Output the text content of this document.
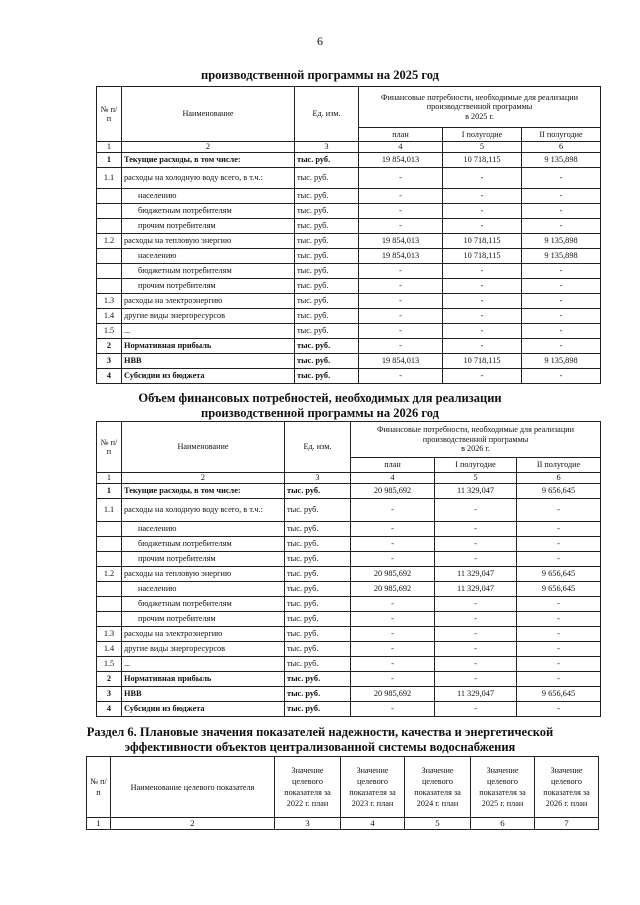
6
производственной программы на 2025 год
№ п/п	Наименование	Ед. изм.	Финансовые потребности, необходимые для реализации производственной программы
в 2025 г.		
			план	I полугодие	II полугодие
1	2	3	4	5	6
1	Текущие расходы, в том числе:	тыс. руб.	19 854,013	10 718,115	9 135,898
1.1	расходы на холодную воду всего, в т.ч.:	тыс. руб.	-	-	-
	населению	тыс. руб.	-	-	-
	бюджетным потребителям	тыс. руб.	-	-	-
	прочим потребителям	тыс. руб.	-	-	-
1.2	расходы на тепловую энергию	тыс. руб.	19 854,013	10 718,115	9 135,898
	населению	тыс. руб.	19 854,013	10 718,115	9 135,898
	бюджетным потребителям	тыс. руб.	-	-	-
	прочим потребителям	тыс. руб.	-	-	-
1.3	расходы на электроэнергию	тыс. руб.	-	-	-
1.4	другие виды энергоресурсов	тыс. руб.	-	-	-
1.5	...	тыс. руб.	-	-	-
2	Нормативная прибыль	тыс. руб.	-	-	-
3	НВВ	тыс. руб.	19 854,013	10 718,115	9 135,898
4	Субсидии из бюджета	тыс. руб.	-	-	-
Объем финансовых потребностей, необходимых для реализации
производственной программы на 2026 год
№ п/п	Наименование	Ед. изм.	Финансовые потребности, необходимые для реализации производственной программы
в 2026 г.		
			план	I полугодие	II полугодие
1	2	3	4	5	6
1	Текущие расходы, в том числе:	тыс. руб.	20 985,692	11 329,047	9 656,645
1.1	расходы на холодную воду всего, в т.ч.:	тыс. руб.	-	-	-
	населению	тыс. руб.	-	-	-
	бюджетным потребителям	тыс. руб.	-	-	-
	прочим потребителям	тыс. руб.	-	-	-
1.2	расходы на тепловую энергию	тыс. руб.	20 985,692	11 329,047	9 656,645
	населению	тыс. руб.	20 985,692	11 329,047	9 656,645
	бюджетным потребителям	тыс. руб.	-	-	-
	прочим потребителям	тыс. руб.	-	-	-
1.3	расходы на электроэнергию	тыс. руб.	-	-	-
1.4	другие виды энергоресурсов	тыс. руб.	-	-	-
1.5	...	тыс. руб.	-	-	-
2	Нормативная прибыль	тыс. руб.	-	-	-
3	НВВ	тыс. руб.	20 985,692	11 329,047	9 656,645
4	Субсидии из бюджета	тыс. руб.	-	-	-
Раздел 6. Плановые значения показателей надежности, качества и энергетической
эффективности объектов централизованной системы водоснабжения
№ п/ п	Наименование целевого показателя	Значение целевого показателя за 2022 г. план	Значение целевого показателя за 2023 г. план	Значение целевого показателя за 2024 г. план	Значение целевого показателя за 2025 г. план	Значение целевого показателя за 2026 г. план
1	2	3	4	5	6	7
